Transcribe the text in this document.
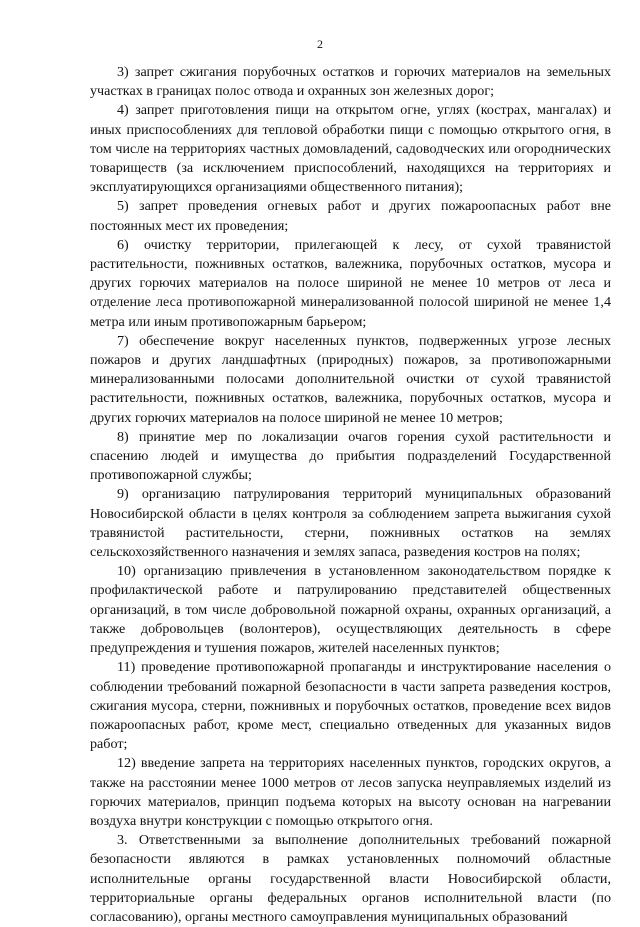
2

3) запрет сжигания порубочных остатков и горючих материалов на земельных участках в границах полос отвода и охранных зон железных дорог;

4) запрет приготовления пищи на открытом огне, углях (кострах, мангалах) и иных приспособлениях для тепловой обработки пищи с помощью открытого огня, в том числе на территориях частных домовладений, садоводческих или огороднических товариществ (за исключением приспособлений, находящихся на территориях и эксплуатирующихся организациями общественного питания);

5) запрет проведения огневых работ и других пожароопасных работ вне постоянных мест их проведения;

6) очистку территории, прилегающей к лесу, от сухой травянистой растительности, пожнивных остатков, валежника, порубочных остатков, мусора и других горючих материалов на полосе шириной не менее 10 метров от леса и отделение леса противопожарной минерализованной полосой шириной не менее 1,4 метра или иным противопожарным барьером;

7) обеспечение вокруг населенных пунктов, подверженных угрозе лесных пожаров и других ландшафтных (природных) пожаров, за противопожарными минерализованными полосами дополнительной очистки от сухой травянистой растительности, пожнивных остатков, валежника, порубочных остатков, мусора и других горючих материалов на полосе шириной не менее 10 метров;

8) принятие мер по локализации очагов горения сухой растительности и спасению людей и имущества до прибытия подразделений Государственной противопожарной службы;

9) организацию патрулирования территорий муниципальных образований Новосибирской области в целях контроля за соблюдением запрета выжигания сухой травянистой растительности, стерни, пожнивных остатков на землях сельскохозяйственного назначения и землях запаса, разведения костров на полях;

10) организацию привлечения в установленном законодательством порядке к профилактической работе и патрулированию представителей общественных организаций, в том числе добровольной пожарной охраны, охранных организаций, а также добровольцев (волонтеров), осуществляющих деятельность в сфере предупреждения и тушения пожаров, жителей населенных пунктов;

11) проведение противопожарной пропаганды и инструктирование населения о соблюдении требований пожарной безопасности в части запрета разведения костров, сжигания мусора, стерни, пожнивных и порубочных остатков, проведение всех видов пожароопасных работ, кроме мест, специально отведенных для указанных видов работ;

12) введение запрета на территориях населенных пунктов, городских округов, а также на расстоянии менее 1000 метров от лесов запуска неуправляемых изделий из горючих материалов, принцип подъема которых на высоту основан на нагревании воздуха внутри конструкции с помощью открытого огня.

3. Ответственными за выполнение дополнительных требований пожарной безопасности являются в рамках установленных полномочий областные исполнительные органы государственной власти Новосибирской области, территориальные органы федеральных органов исполнительной власти (по согласованию), органы местного самоуправления муниципальных образований
